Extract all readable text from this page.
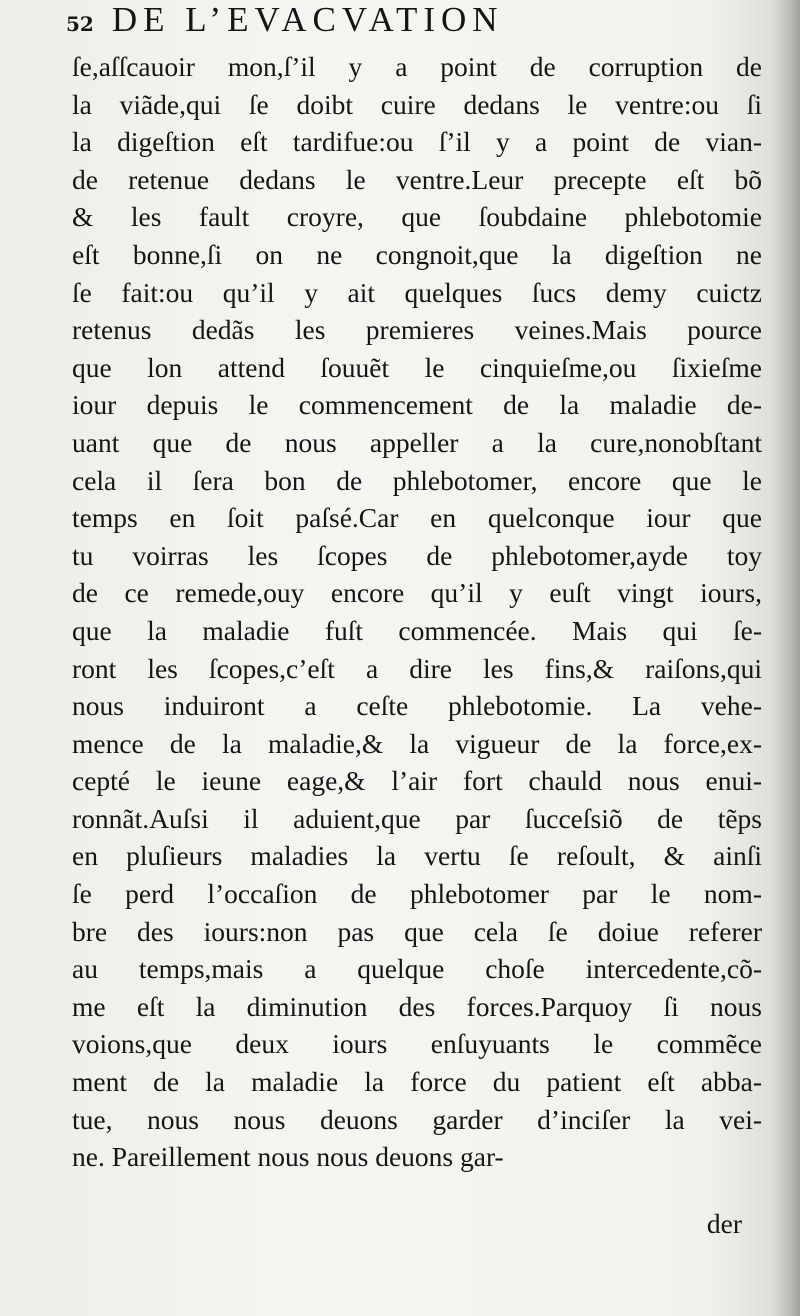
52 DE L’EVACVATION
ſe,aſſcauoir mon,ſ’il y a point de corruption de
la viãde,qui ſe doibt cuire dedans le ventre:ou ſi
la digeſtion eſt tardifue:ou ſ’il y a point de vian-
de retenue dedans le ventre.Leur precepte eſt bõ
& les fault croyre, que ſoubdaine phlebotomie
eſt bonne,ſi on ne congnoit,que la digeſtion ne
ſe fait:ou qu’il y ait quelques ſucs demy cuictz
retenus dedãs les premieres veines.Mais pource
que lon attend ſouuẽt le cinquieſme,ou ſixieſme
iour depuis le commencement de la maladie de-
uant que de nous appeller a la cure,nonobſtant
cela il ſera bon de phlebotomer, encore que le
temps en ſoit paſsé.Car en quelconque iour que
tu voirras les ſcopes de phlebotomer,ayde toy
de ce remede,ouy encore qu’il y euſt vingt iours,
que la maladie fuſt commencée. Mais qui ſe-
ront les ſcopes,c’eſt a dire les fins,& raiſons,qui
nous induiront a ceſte phlebotomie. La vehe-
mence de la maladie,& la vigueur de la force,ex-
cepté le ieune eage,& l’air fort chauld nous enui-
ronnãt.Auſsi il aduient,que par ſucceſsiõ de tẽps
en pluſieurs maladies la vertu ſe reſoult, & ainſi
ſe perd l’occaſion de phlebotomer par le nom-
bre des iours:non pas que cela ſe doiue referer
au temps,mais a quelque choſe intercedente,cõ-
me eſt la diminution des forces.Parquoy ſi nous
voions,que deux iours enſuyuants le commẽce
ment de la maladie la force du patient eſt abba-
tue, nous nous deuons garder d’inciſer la vei-
ne. Pareillement nous nous deuons gar-
der
